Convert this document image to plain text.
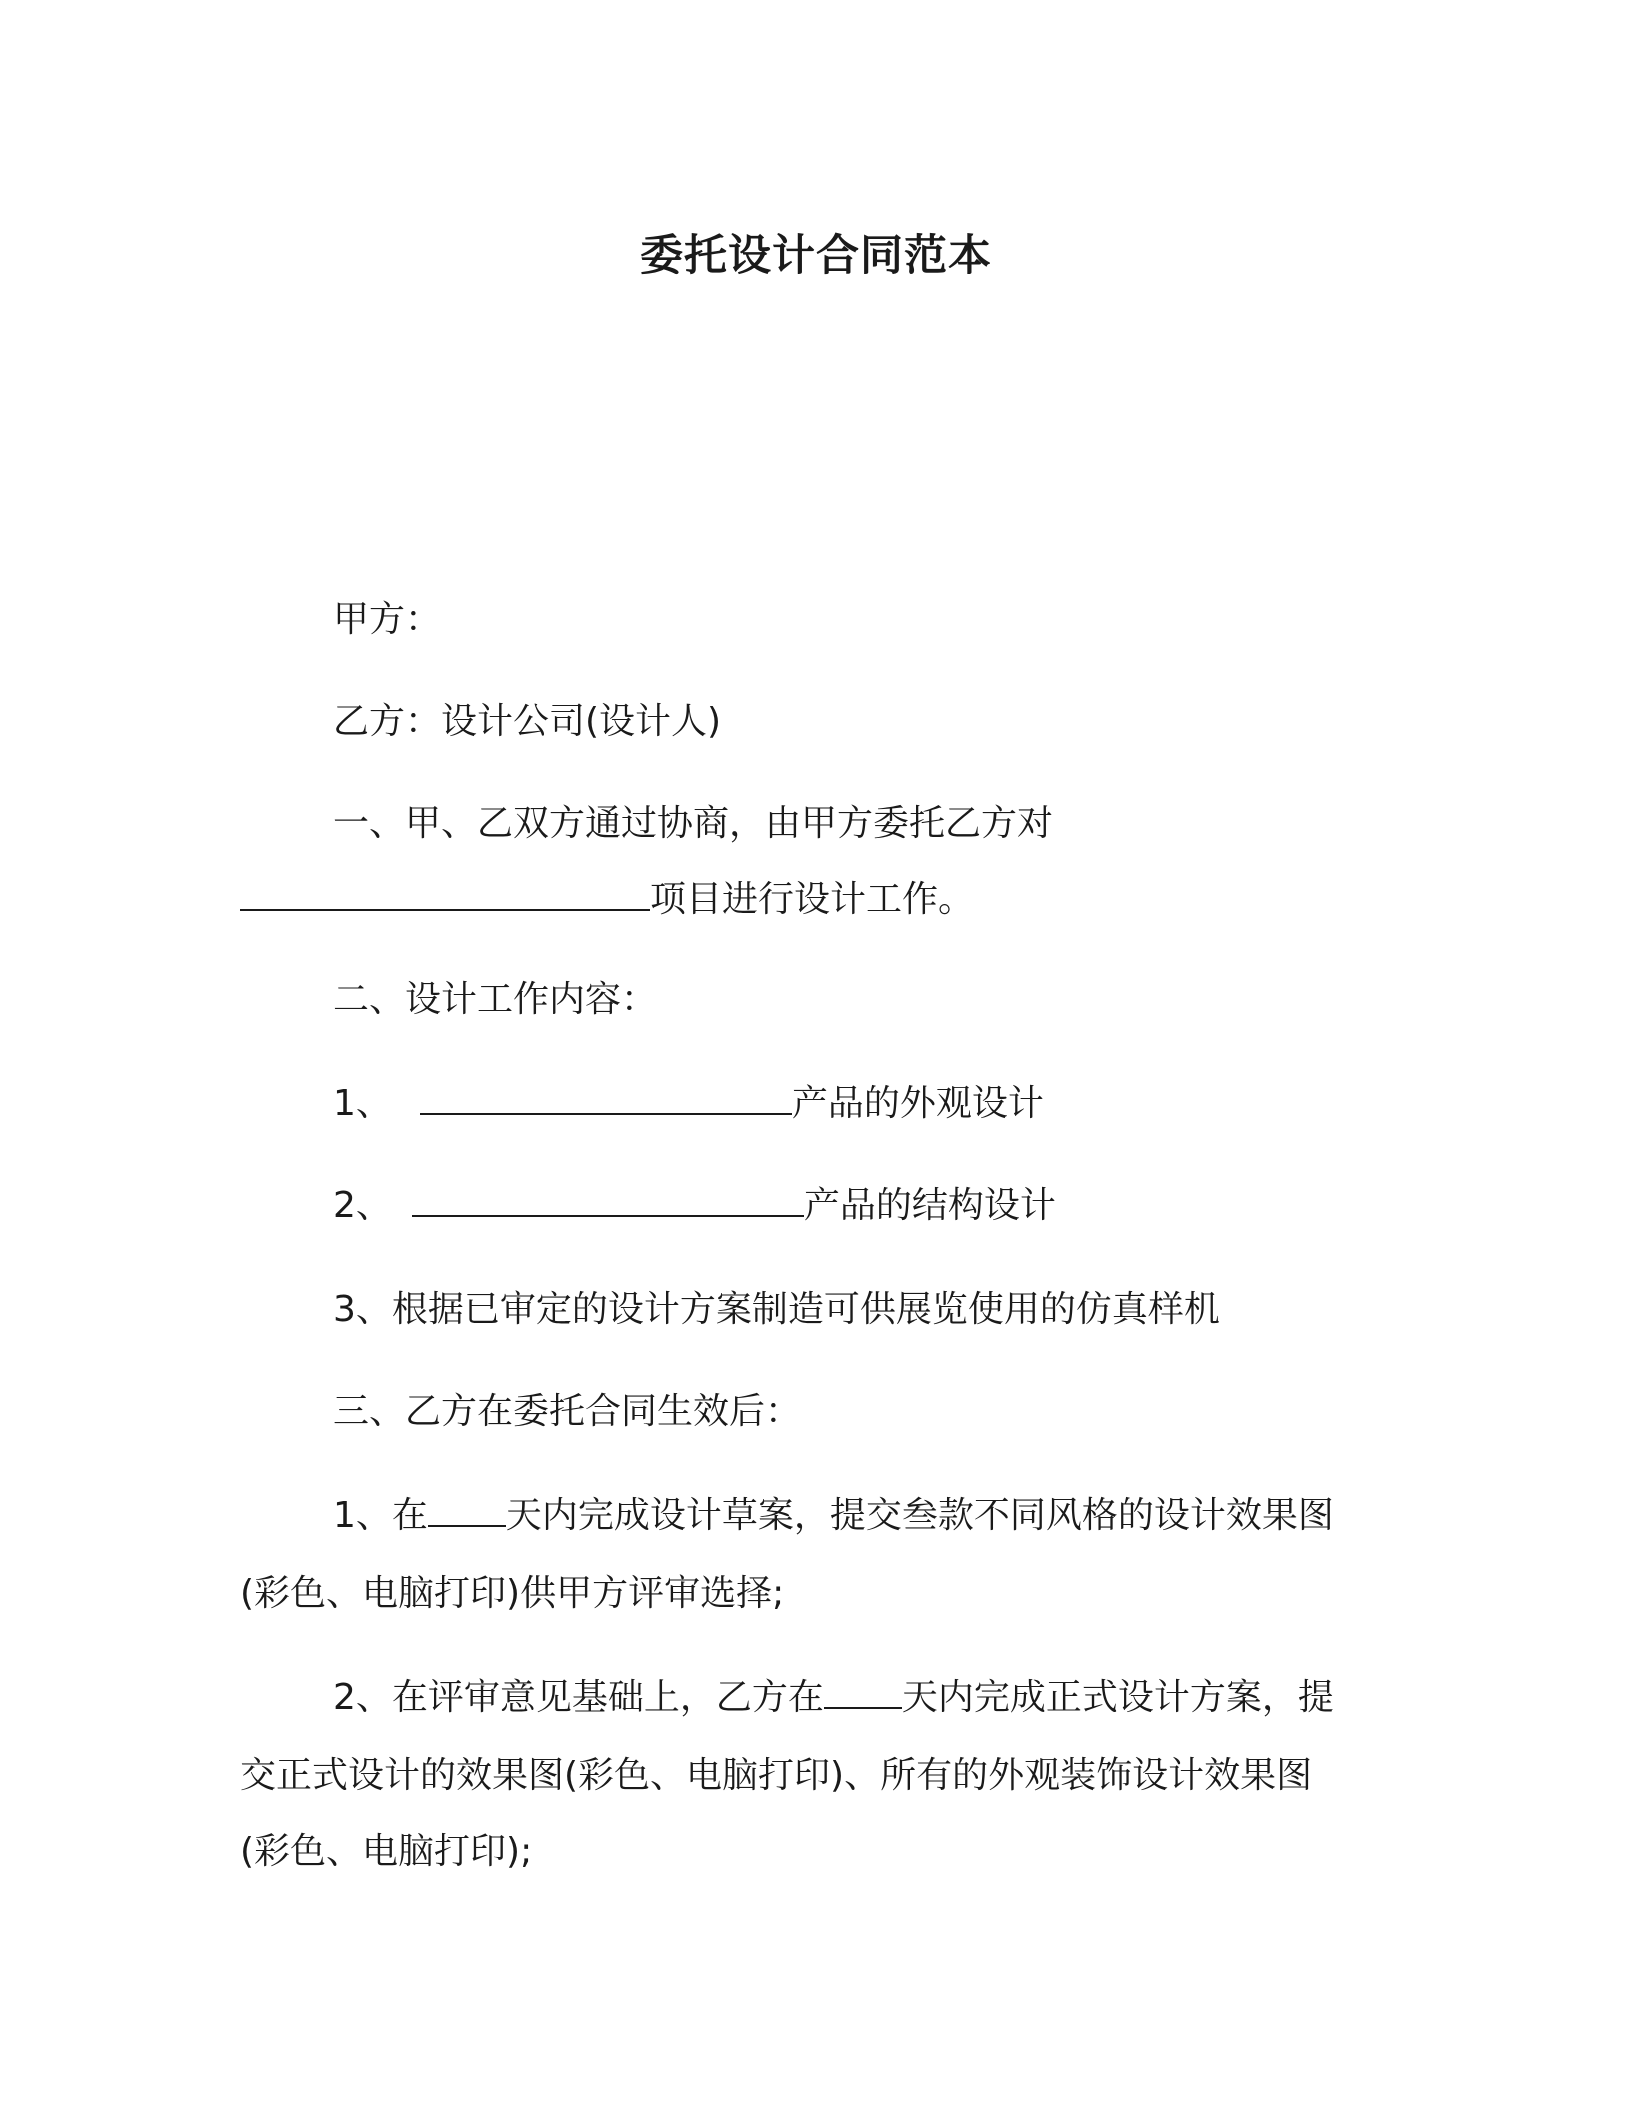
委托设计合同范本
甲方：
乙方：设计公司(设计人)
一、甲、乙双方通过协商，由甲方委托乙方对
项目进行设计工作。
二、设计工作内容：
1、	产品的外观设计
2、	产品的结构设计
3、根据已审定的设计方案制造可供展览使用的仿真样机
三、乙方在委托合同生效后：
1、在 天内完成设计草案，提交叁款不同风格的设计效果图
(彩色、电脑打印)供甲方评审选择;
2、在评审意见基础上，乙方在 天内完成正式设计方案，提
交正式设计的效果图(彩色、电脑打印)、所有的外观装饰设计效果图
(彩色、电脑打印);
